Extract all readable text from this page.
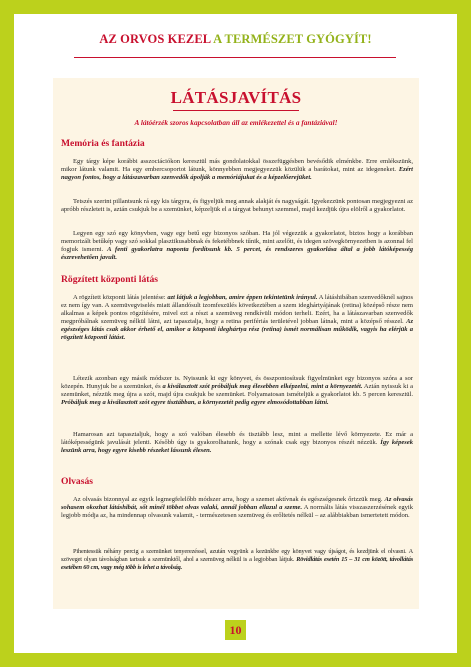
AZ ORVOS KEZEL A TERMÉSZET GYÓGYÍT!
LÁTÁSJAVÍTÁS
A látóérzék szoros kapcsolatban áll az emlékezettel és a fantáziával!
Memória és fantázia

Egy tárgy képe korábbi asszociációkon keresztül más gondolatokkal összefüggésben bevésődik elménkbe. Erre emlékszünk, mikor látunk valamit. Ha egy embercsoportot látunk, könnyebben megjegyezzük közülük a barátokat, mint az idegeneket. Ezért nagyon fontos, hogy a látászavarban szenvedők ápolják a memóriájukat és a képzelőerejüket.

Tetszés szerint pillantsunk rá egy kis tárgyra, és figyeljük meg annak alakját és nagyságát. Igyekezzünk pontosan megjegyezni az apróbb részleteit is, aztán csukjuk be a szemünket, képzeljük el a tárgyat behunyt szemmel, majd kezdjük újra elölről a gyakorlatot.

Legyen egy szó egy könyvben, vagy egy betű egy bizonyos szóban. Ha jól végezzük a gyakorlatot, biztos hogy a korábban memorizált betűkép vagy szó sokkal plasztikusabbnak és feketébbnek tűnik, mint azelőtt, és idegen szövegkörnyezetben is azonnal fel fogjuk ismerni. A fenti gyakorlatra naponta fordítsunk kb. 5 percet, és rendszeres gyakorlása által a jobb látóképesség észrevehetően javult.

Rögzített központi látás

A rögzített központi látás jelentése: azt látjuk a legjobban, amire éppen tekintetünk irányul. A látáshibában szenvedőknél sajnos ez nem így van. A szemüvegviselés miatt állandósult izomfeszülés következtében a szem ideghártyájának (retina) középső része nem alkalmas a képek pontos rögzítésére, mivel ezt a részt a szemüveg rendkívüli módon terheli. Ezért, ha a látászavarban szenvedők megpróbálnak szemüveg nélkül látni, azt tapasztalja, hogy a retina perifériás területével jobban látnak, mint a középső résszel. Az egészséges látás csak akkor érhető el, amikor a központi ideghártya rész (retina) ismét normálisan működik, vagyis ha elérjük a rögzített központi látást.

Létezik azonban egy másik módszer is. Nyissunk ki egy könyvet, és összpontosítsuk figyelmünket egy bizonyos szóra a sor közepén. Hunyjuk be a szemünket, és a kiválasztott szót próbáljuk meg élesebben elképzelni, mint a környezetét. Aztán nyissuk ki a szemünket, nézzük meg újra a szót, majd újra csukjuk be szemünket. Folyamatosan ismételjük a gyakorlatot kb. 5 percen keresztül. Próbáljuk meg a kiválasztott szót egyre tisztábban, a környezetét pedig egyre elmosódottabban látni.

Hamarosan azt tapasztaljuk, hogy a szó valóban élesebb és tisztább lesz, mint a mellette lévő környezete. Ez már a látóképességünk javulását jelenti. Később úgy is gyakorolhatunk, hogy a szónak csak egy bizonyos részét nézzük. Így képesek leszünk arra, hogy egyre kisebb részeket lássunk élesen.

Olvasás

Az olvasás bizonnyal az egyik legmegfelelőbb módszer arra, hogy a szemet aktívnak és egészségesnek őrizzük meg. Az olvasás sohasem okozhat látáshibát, sőt minél többet olvas valaki, annál jobban ellazul a szeme. A normális látás visszaszerzésének egyik legjobb módja az, ha mindennap olvasunk valamit, - természetesen szemüveg és erőltetés nélkül – az alábbiakban ismertetett módon.

Pihentessük néhány percig a szemünket tenyerezéssel, azután vegyünk a kezünkbe egy könyvet vagy újságot, és kezdjünk el olvasni. A szöveget olyan távolságban tartsuk a szemünktől, ahol a szemüveg nélkül is a legjobban látjuk. Rövidlátás esetén 15 – 31 cm között, távollátás esetében 60 cm, vagy még több is lehet a távolság.

10
